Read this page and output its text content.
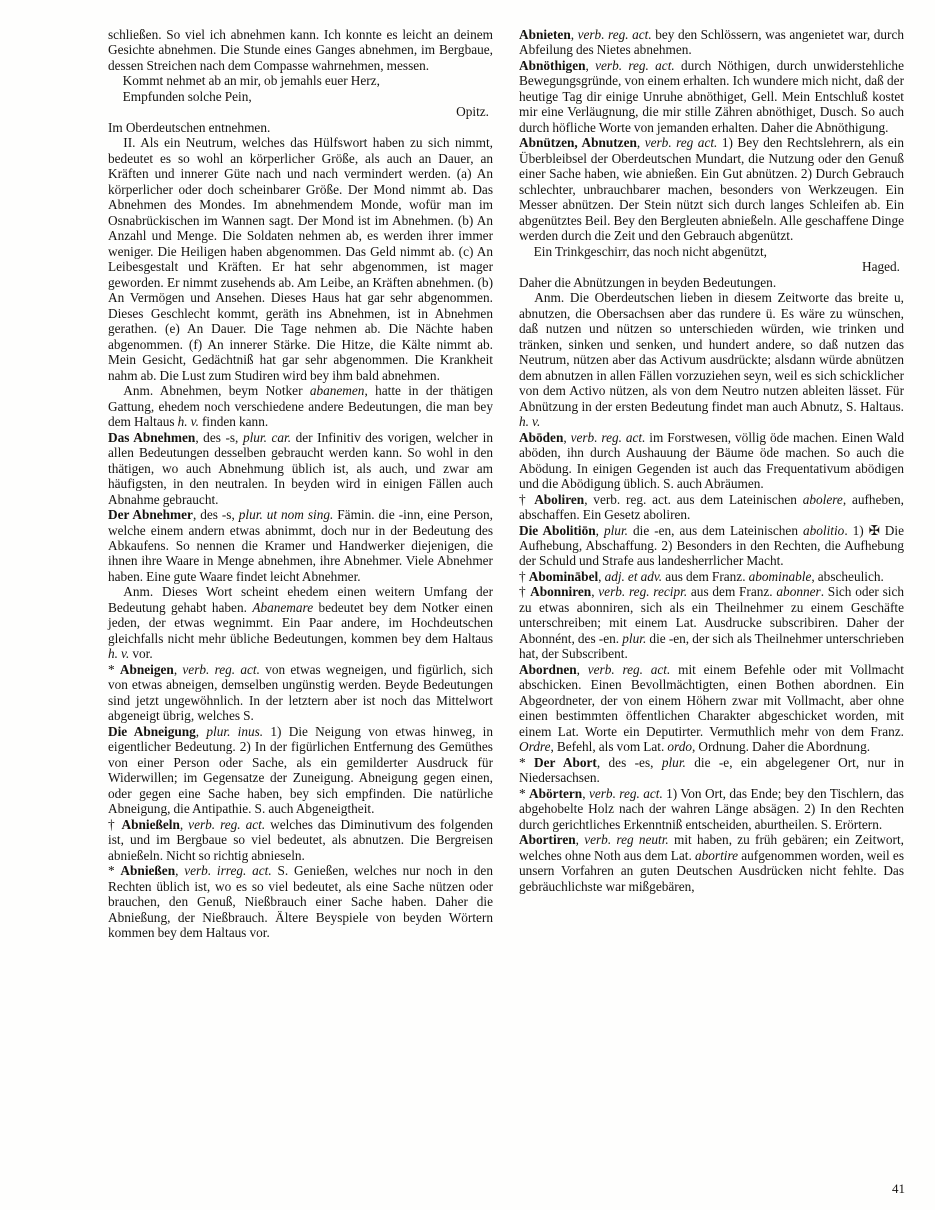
schließen. So viel ich abnehmen kann. Ich konnte es leicht an deinem Gesichte abnehmen. Die Stunde eines Ganges abnehmen, im Bergbaue, dessen Streichen nach dem Compasse wahrnehmen, messen.

Kommt nehmet ab an mir, ob jemahls euer Herz,

Empfunden solche Pein,

Opitz.

Im Oberdeutschen entnehmen.

II. Als ein Neutrum, welches das Hülfswort haben zu sich nimmt, bedeutet es so wohl an körperlicher Größe, als auch an Dauer, an Kräften und innerer Güte nach und nach vermindert werden. (a) An körperlicher oder doch scheinbarer Größe. Der Mond nimmt ab. Das Abnehmen des Mondes. Im abnehmendem Monde, wofür man im Osnabrückischen im Wannen sagt. Der Mond ist im Abnehmen. (b) An Anzahl und Menge. Die Soldaten nehmen ab, es werden ihrer immer weniger. Die Heiligen haben abgenommen. Das Geld nimmt ab. (c) An Leibesgestalt und Kräften. Er hat sehr abgenommen, ist mager geworden. Er nimmt zusehends ab. Am Leibe, an Kräften abnehmen. (b) An Vermögen und Ansehen. Dieses Haus hat gar sehr abgenommen. Dieses Geschlecht kommt, geräth ins Abnehmen, ist in Abnehmen gerathen. (e) An Dauer. Die Tage nehmen ab. Die Nächte haben abgenommen. (f) An innerer Stärke. Die Hitze, die Kälte nimmt ab. Mein Gesicht, Gedächtniß hat gar sehr abgenommen. Die Krankheit nahm ab. Die Lust zum Studiren wird bey ihm bald abnehmen.

Anm. Abnehmen, beym Notker abanemen, hatte in der thätigen Gattung, ehedem noch verschiedene andere Bedeutungen, die man bey dem Haltaus h. v. finden kann.

Das Abnehmen, des -s, plur. car. der Infinitiv des vorigen, welcher in allen Bedeutungen desselben gebraucht werden kann. So wohl in den thätigen, wo auch Abnehmung üblich ist, als auch, und zwar am häufigsten, in den neutralen. In beyden wird in einigen Fällen auch Abnahme gebraucht.

Der Abnehmer, des -s, plur. ut nom sing. Fämin. die -inn, eine Person, welche einem andern etwas abnimmt, doch nur in der Bedeutung des Abkaufens. So nennen die Kramer und Handwerker diejenigen, die ihnen ihre Waare in Menge abnehmen, ihre Abnehmer. Viele Abnehmer haben. Eine gute Waare findet leicht Abnehmer.

Anm. Dieses Wort scheint ehedem einen weitern Umfang der Bedeutung gehabt haben. Abanemare bedeutet bey dem Notker einen jeden, der etwas wegnimmt. Ein Paar andere, im Hochdeutschen gleichfalls nicht mehr übliche Bedeutungen, kommen bey dem Haltaus h. v. vor.

* Abneigen, verb. reg. act. von etwas wegneigen, und figürlich, sich von etwas abneigen, demselben ungünstig werden. Beyde Bedeutungen sind jetzt ungewöhnlich. In der letztern aber ist noch das Mittelwort abgeneigt übrig, welches S.

Die Abneigung, plur. inus. 1) Die Neigung von etwas hinweg, in eigentlicher Bedeutung. 2) In der figürlichen Entfernung des Gemüthes von einer Person oder Sache, als ein gemilderter Ausdruck für Widerwillen; im Gegensatze der Zuneigung. Abneigung gegen einen, oder gegen eine Sache haben, bey sich empfinden. Die natürliche Abneigung, die Antipathie. S. auch Abgeneigtheit.

† Abnießeln, verb. reg. act. welches das Diminutivum des folgenden ist, und im Bergbaue so viel bedeutet, als abnutzen. Die Bergreisen abnießeln. Nicht so richtig abnieseln.

* Abnießen, verb. irreg. act. S. Genießen, welches nur noch in den Rechten üblich ist, wo es so viel bedeutet, als eine Sache nützen oder brauchen, den Genuß, Nießbrauch einer Sache haben. Daher die Abnießung, der Nießbrauch. Ältere Beyspiele von beyden Wörtern kommen bey dem Haltaus vor.

Abnieten, verb. reg. act. bey den Schlössern, was angenietet war, durch Abfeilung des Nietes abnehmen.

Abnöthigen, verb. reg. act. durch Nöthigen, durch unwiderstehliche Bewegungsgründe, von einem erhalten. Ich wundere mich nicht, daß der heutige Tag dir einige Unruhe abnöthiget, Gell. Mein Entschluß kostet mir eine Verläugnung, die mir stille Zähren abnöthiget, Dusch. So auch durch höfliche Worte von jemanden erhalten. Daher die Abnöthigung.

Abnützen, Abnutzen, verb. reg act. 1) Bey den Rechtslehrern, als ein Überbleibsel der Oberdeutschen Mundart, die Nutzung oder den Genuß einer Sache haben, wie abnießen. Ein Gut abnützen. 2) Durch Gebrauch schlechter, unbrauchbarer machen, besonders von Werkzeugen. Ein Messer abnützen. Der Stein nützt sich durch langes Schleifen ab. Ein abgenütztes Beil. Bey den Bergleuten abnießeln. Alle geschaffene Dinge werden durch die Zeit und den Gebrauch abgenützt.

Ein Trinkgeschirr, das noch nicht abgenützt,

Haged.

Daher die Abnützungen in beyden Bedeutungen.

Anm. Die Oberdeutschen lieben in diesem Zeitworte das breite u, abnutzen, die Obersachsen aber das rundere ü. Es wäre zu wünschen, daß nutzen und nützen so unterschieden würden, wie trinken und tränken, sinken und senken, und hundert andere, so daß nutzen das Neutrum, nützen aber das Activum ausdrückte; alsdann würde abnützen dem abnutzen in allen Fällen vorzuziehen seyn, weil es sich schicklicher von dem Activo nützen, als von dem Neutro nutzen ableiten lässet. Für Abnützung in der ersten Bedeutung findet man auch Abnutz, S. Haltaus. h. v.

Abōden, verb. reg. act. im Forstwesen, völlig öde machen. Einen Wald aböden, ihn durch Aushauung der Bäume öde machen. So auch die Abödung. In einigen Gegenden ist auch das Frequentativum abödigen und die Abödigung üblich. S. auch Abräumen.

† Aboliren, verb. reg. act. aus dem Lateinischen abolere, aufheben, abschaffen. Ein Gesetz aboliren.

Die Abolitiōn, plur. die -en, aus dem Lateinischen abolitio. 1) ✠ Die Aufhebung, Abschaffung. 2) Besonders in den Rechten, die Aufhebung der Schuld und Strafe aus landesherrlicher Macht.

† Abominābel, adj. et adv. aus dem Franz. abominable, abscheulich.

† Abonniren, verb. reg. recipr. aus dem Franz. abonner. Sich oder sich zu etwas abonniren, sich als ein Theilnehmer zu einem Geschäfte unterschreiben; mit einem Lat. Ausdrucke subscribiren. Daher der Abonnént, des -en. plur. die -en, der sich als Theilnehmer unterschrieben hat, der Subscribent.

Abordnen, verb. reg. act. mit einem Befehle oder mit Vollmacht abschicken. Einen Bevollmächtigten, einen Bothen abordnen. Ein Abgeordneter, der von einem Höhern zwar mit Vollmacht, aber ohne einen bestimmten öffentlichen Charakter abgeschicket worden, mit einem Lat. Worte ein Deputirter. Vermuthlich mehr von dem Franz. Ordre, Befehl, als vom Lat. ordo, Ordnung. Daher die Abordnung.

* Der Abort, des -es, plur. die -e, ein abgelegener Ort, nur in Niedersachsen.

* Abörtern, verb. reg. act. 1) Von Ort, das Ende; bey den Tischlern, das abgehobelte Holz nach der wahren Länge absägen. 2) In den Rechten durch gerichtliches Erkenntniß entscheiden, aburtheilen. S. Erörtern.

Abortiren, verb. reg neutr. mit haben, zu früh gebären; ein Zeitwort, welches ohne Noth aus dem Lat. abortire aufgenommen worden, weil es unsern Vorfahren an guten Deutschen Ausdrücken nicht fehlte. Das gebräuchlichste war mißgebären,

41
